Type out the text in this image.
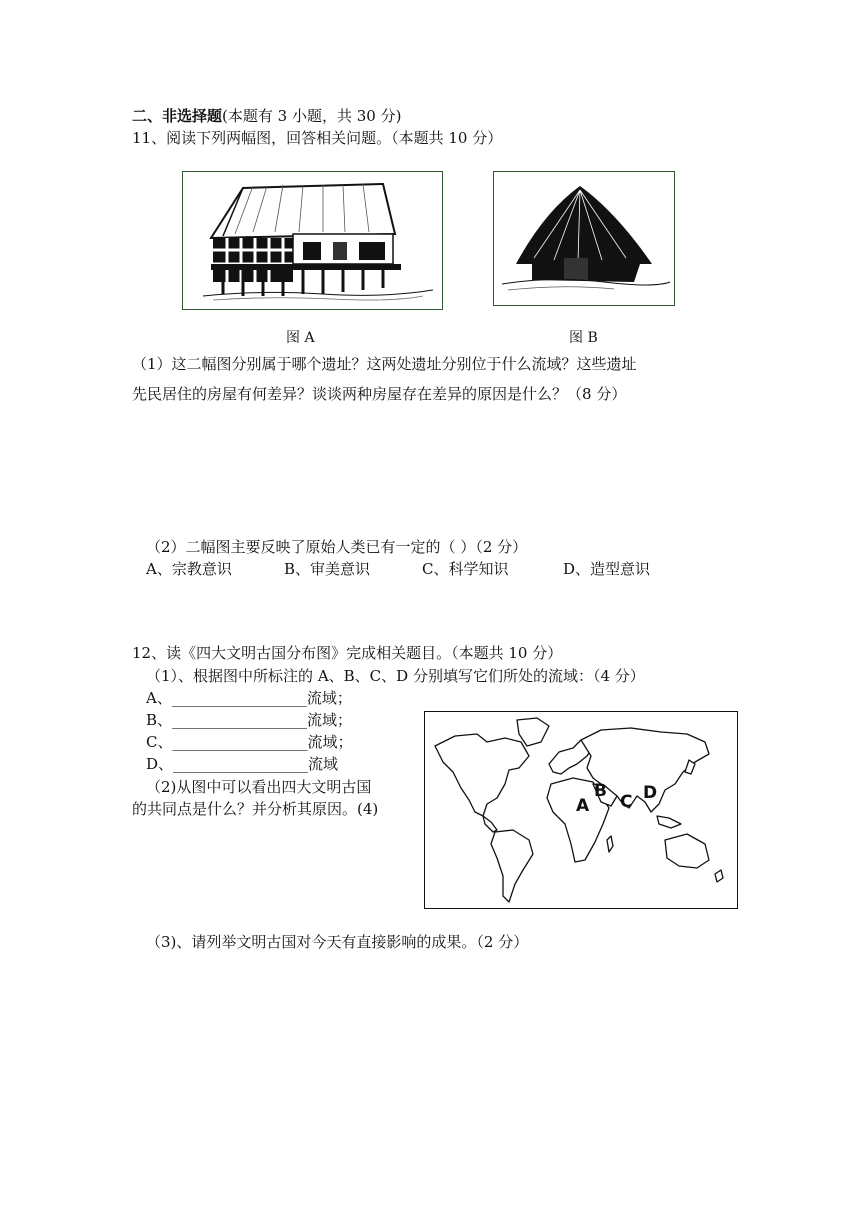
二、非选择题(本题有 3 小题，共 30 分)
11、阅读下列两幅图，回答相关问题。（本题共 10 分）
图 A	图 B
（1）这二幅图分别属于哪个遗址？这两处遗址分别位于什么流域？这些遗址
先民居住的房屋有何差异？谈谈两种房屋存在差异的原因是什么？（8 分）
（2）二幅图主要反映了原始人类已有一定的（ ）（2 分）
A、宗教意识	B、审美意识	C、科学知识	D、造型意识
12、读《四大文明古国分布图》完成相关题目。（本题共 10 分）
（1）、根据图中所标注的 A、B、C、D 分别填写它们所处的流域：（4 分）
A、__________________流域；
B、__________________流域；
C、__________________流域；
D、__________________流域
（2)从图中可以看出四大文明古国
的共同点是什么？并分析其原因。(4)	A
B
C D
（3)、请列举文明古国对今天有直接影响的成果。（2 分）
